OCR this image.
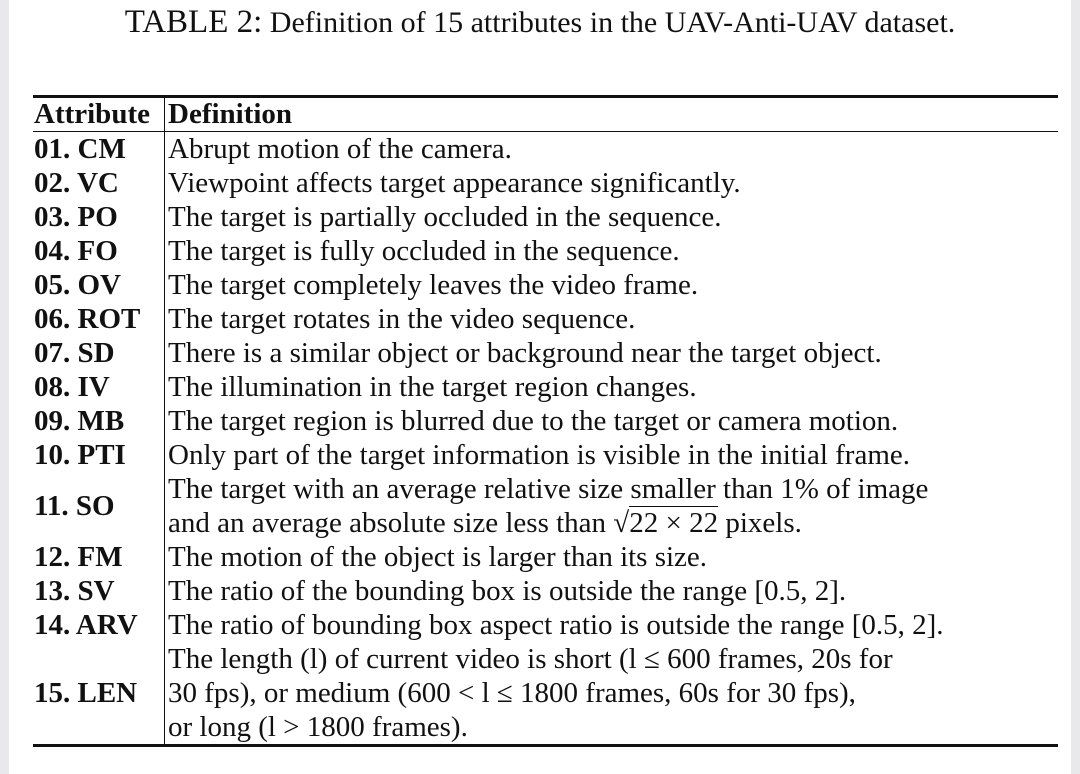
TABLE 2: Definition of 15 attributes in the UAV-Anti-UAV dataset.
Attribute Definition
01. CM	Abrupt motion of the camera.
02. VC	Viewpoint affects target appearance significantly.
03. PO	The target is partially occluded in the sequence.
04. FO	The target is fully occluded in the sequence.
05. OV	The target completely leaves the video frame.
06. ROT The target rotates in the video sequence.
07. SD	There is a similar object or background near the target object.
08. IV	The illumination in the target region changes.
09. MB	The target region is blurred due to the target or camera motion.
10. PTI	Only part of the target information is visible in the initial frame.
11. SO
The target with an average relative size smaller than 1% of image
and an average absolute size less than √22 × 22 pixels.
12. FM	The motion of the object is larger than its size.
13. SV	The ratio of the bounding box is outside the range [0.5, 2].
14. ARV	The ratio of bounding box aspect ratio is outside the range [0.5, 2].
15. LEN
The length (l) of current video is short (l ≤ 600 frames, 20s for
30 fps), or medium (600 < l ≤ 1800 frames, 60s for 30 fps),
or long (l > 1800 frames).
